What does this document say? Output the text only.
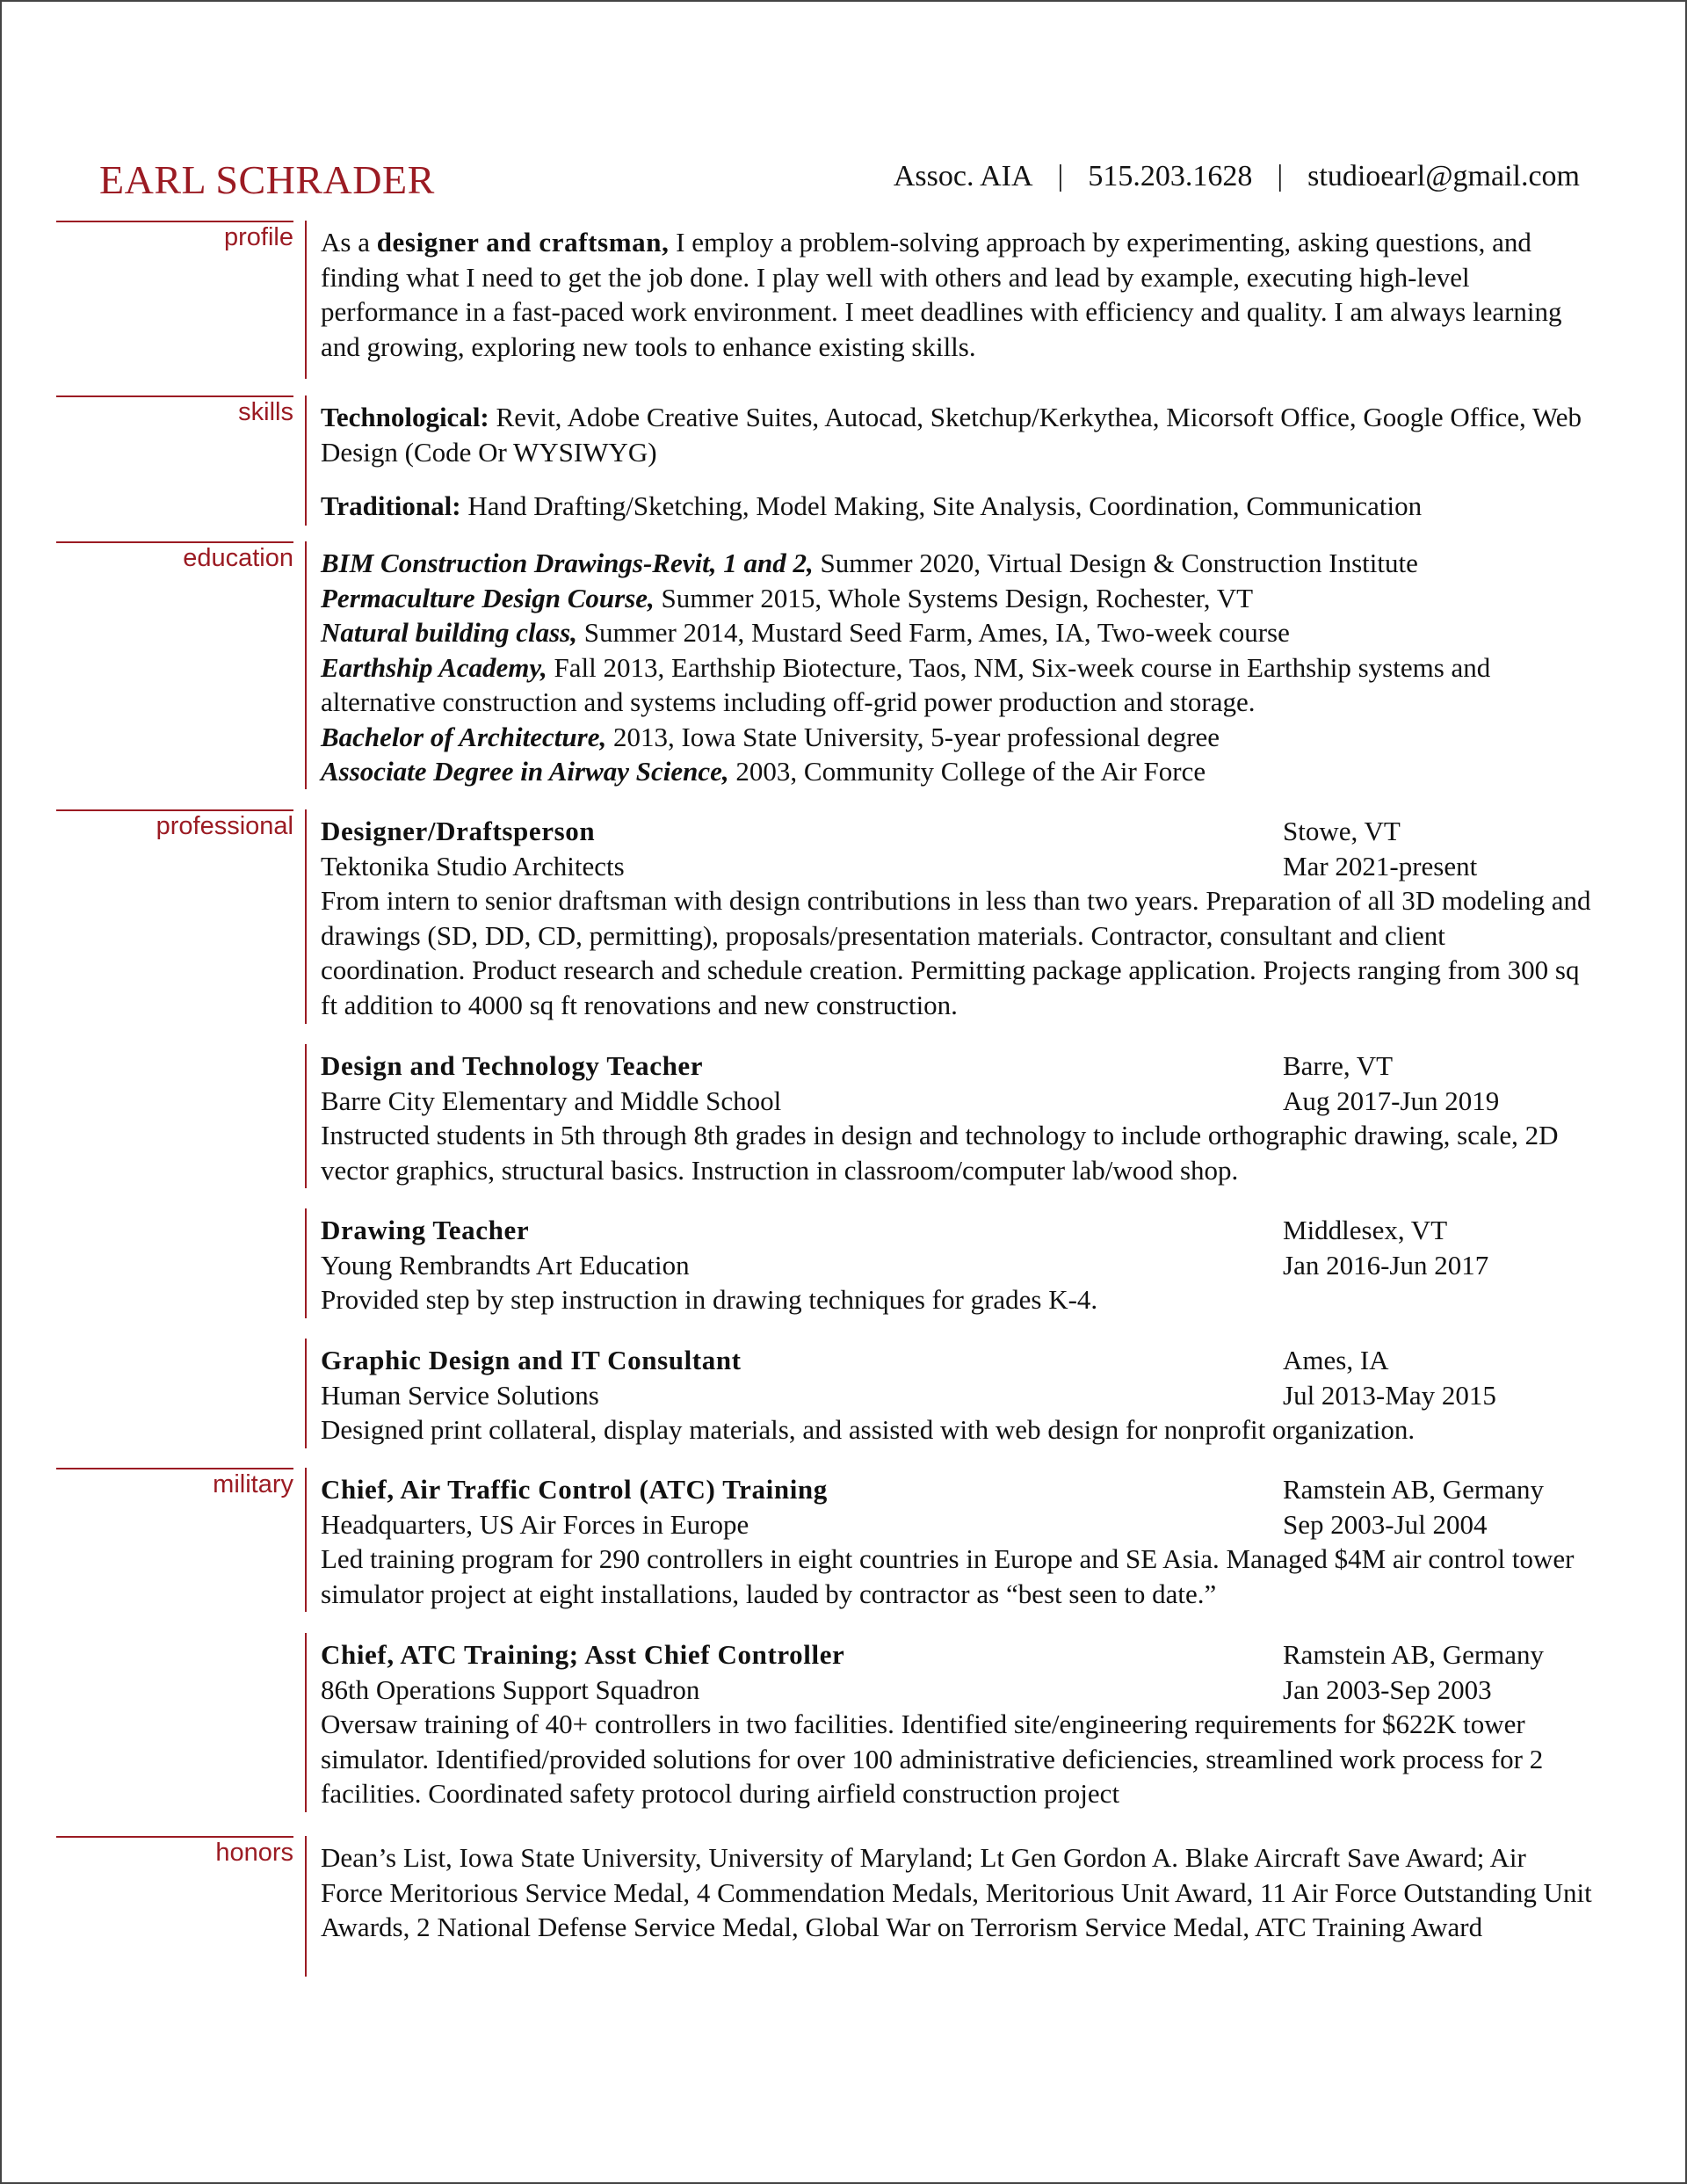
EARL SCHRADER	Assoc. AIA | 515.203.1628 | studioearl@gmail.com
profile As a designer and craftsman, I employ a problem-solving approach by experimenting, asking questions, and finding what I need to get the job done. I play well with others and lead by example, executing high-level performance in a fast-paced work environment. I meet deadlines with efficiency and quality. I am always learning and growing, exploring new tools to enhance existing skills.

skills Technological: Revit, Adobe Creative Suites, Autocad, Sketchup/Kerkythea, Micorsoft Office, Google Office, Web Design (Code Or WYSIWYG)

Traditional: Hand Drafting/Sketching, Model Making, Site Analysis, Coordination, Communication

education BIM Construction Drawings-Revit, 1 and 2, Summer 2020, Virtual Design & Construction Institute

Permaculture Design Course, Summer 2015, Whole Systems Design, Rochester, VT

Natural building class, Summer 2014, Mustard Seed Farm, Ames, IA, Two-week course

Earthship Academy, Fall 2013, Earthship Biotecture, Taos, NM, Six-week course in Earthship systems and alternative construction and systems including off-grid power production and storage.

Bachelor of Architecture, 2013, Iowa State University, 5-year professional degree

Associate Degree in Airway Science, 2003, Community College of the Air Force

professional Designer/Draftsperson	Stowe, VT
Tektonika Studio Architects	Mar 2021-present

From intern to senior draftsman with design contributions in less than two years. Preparation of all 3D modeling and drawings (SD, DD, CD, permitting), proposals/presentation materials. Contractor, consultant and client coordination. Product research and schedule creation. Permitting package application. Projects ranging from 300 sq ft addition to 4000 sq ft renovations and new construction.

Design and Technology Teacher	Barre, VT
Barre City Elementary and Middle School	Aug 2017-Jun 2019

Instructed students in 5th through 8th grades in design and technology to include orthographic drawing, scale, 2D vector graphics, structural basics. Instruction in classroom/computer lab/wood shop.

Drawing Teacher	Middlesex, VT
Young Rembrandts Art Education	Jan 2016-Jun 2017

Provided step by step instruction in drawing techniques for grades K-4.

Graphic Design and IT Consultant	Ames, IA
Human Service Solutions	Jul 2013-May 2015

Designed print collateral, display materials, and assisted with web design for nonprofit organization.

military Chief, Air Traffic Control (ATC) Training	Ramstein AB, Germany
Headquarters, US Air Forces in Europe	Sep 2003-Jul 2004

Led training program for 290 controllers in eight countries in Europe and SE Asia. Managed $4M air control tower simulator project at eight installations, lauded by contractor as “best seen to date.”

Chief, ATC Training; Asst Chief Controller	Ramstein AB, Germany
86th Operations Support Squadron	Jan 2003-Sep 2003

Oversaw training of 40+ controllers in two facilities. Identified site/engineering requirements for $622K tower simulator. Identified/provided solutions for over 100 administrative deficiencies, streamlined work process for 2 facilities. Coordinated safety protocol during airfield construction project

honors Dean’s List, Iowa State University, University of Maryland; Lt Gen Gordon A. Blake Aircraft Save Award; Air Force Meritorious Service Medal, 4 Commendation Medals, Meritorious Unit Award, 11 Air Force Outstanding Unit Awards, 2 National Defense Service Medal, Global War on Terrorism Service Medal, ATC Training Award
